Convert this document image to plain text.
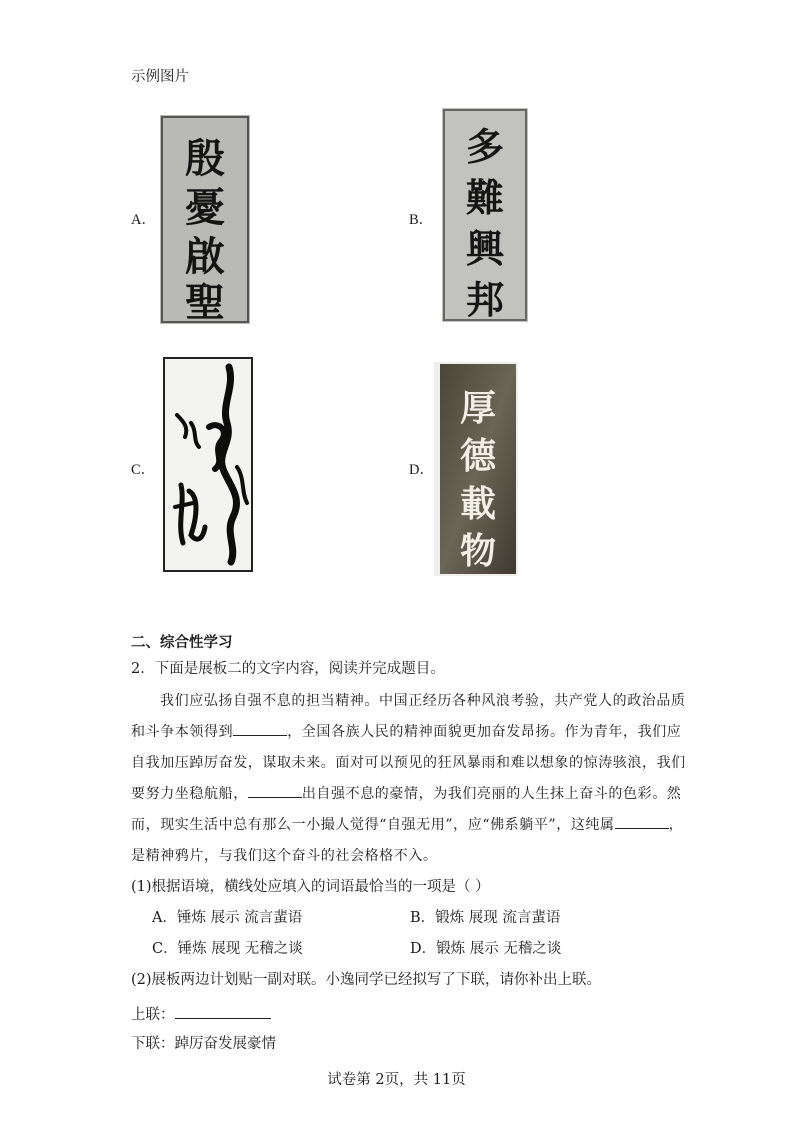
示例图片
A．
殷
憂
啟
聖
B．
多
難
興
邦
C．
上善
若水
D．
厚
德
載
物
二、综合性学习
2．下面是展板二的文字内容，阅读并完成题目。
我们应弘扬自强不息的担当精神。中国正经历各种风浪考验，共产党人的政治品质
和斗争本领得到	，全国各族人民的精神面貌更加奋发昂扬。作为青年，我们应
自我加压踔厉奋发，谋取未来。面对可以预见的狂风暴雨和难以想象的惊涛骇浪，我们
要努力坐稳航船，	出自强不息的豪情，为我们亮丽的人生抹上奋斗的色彩。然
而，现实生活中总有那么一小撮人觉得“自强无用”，应“佛系躺平”，这纯属	，
是精神鸦片，与我们这个奋斗的社会格格不入。
(1)根据语境，横线处应填入的词语最恰当的一项是（ ）
A．锤炼 展示 流言蜚语	B．锻炼 展现 流言蜚语
C．锤炼 展现 无稽之谈	D．锻炼 展示 无稽之谈
(2)展板两边计划贴一副对联。小逸同学已经拟写了下联，请你补出上联。
上联：
下联：踔厉奋发展豪情
试卷第 2页，共 11页
